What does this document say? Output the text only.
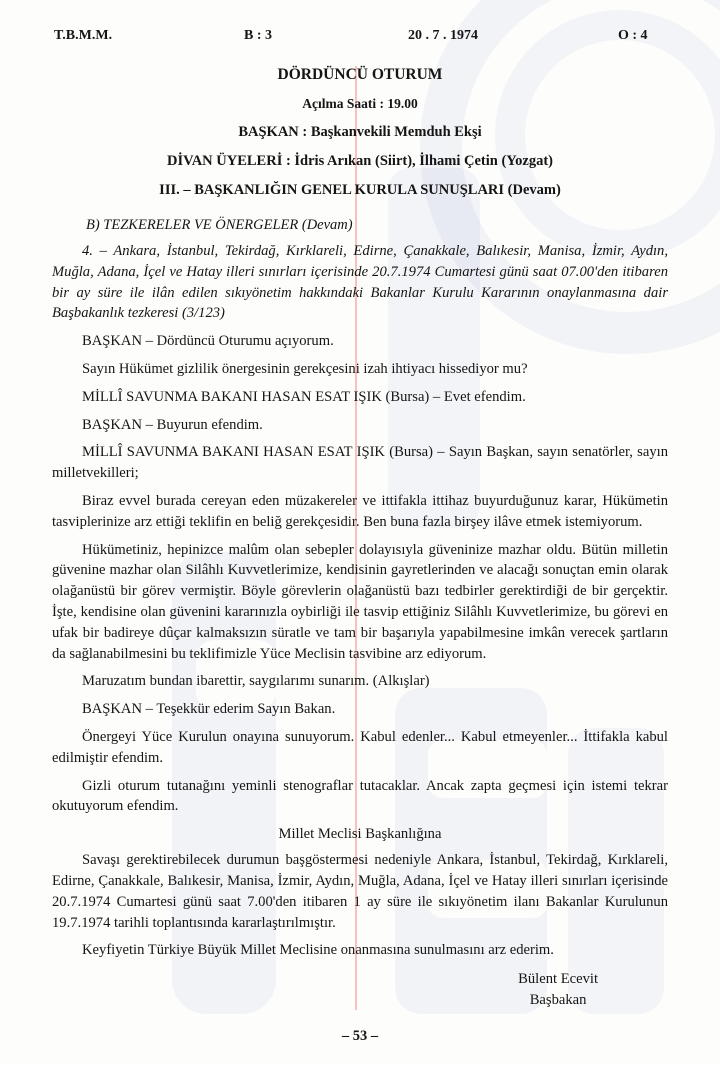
T.B.M.M.	B : 3	20 . 7 . 1974	O : 4
DÖRDÜNCÜ OTURUM
Açılma Saati : 19.00
BAŞKAN : Başkanvekili Memduh Ekşi
DİVAN ÜYELERİ : İdris Arıkan (Siirt), İlhami Çetin (Yozgat)
III. – BAŞKANLIĞIN GENEL KURULA SUNUŞLARI (Devam)
B) TEZKERELER VE ÖNERGELER (Devam)

4. – Ankara, İstanbul, Tekirdağ, Kırklareli, Edirne, Çanakkale, Balıkesir, Manisa, İzmir, Aydın, Muğla, Adana, İçel ve Hatay illeri sınırları içerisinde 20.7.1974 Cumartesi günü saat 07.00'den itibaren bir ay süre ile ilân edilen sıkıyönetim hakkındaki Bakanlar Kurulu Kararının onaylanmasına dair Başbakanlık tezkeresi (3/123)

BAŞKAN – Dördüncü Oturumu açıyorum.

Sayın Hükümet gizlilik önergesinin gerekçesini izah ihtiyacı hissediyor mu?

MİLLÎ SAVUNMA BAKANI HASAN ESAT IŞIK (Bursa) – Evet efendim.

BAŞKAN – Buyurun efendim.

MİLLÎ SAVUNMA BAKANI HASAN ESAT IŞIK (Bursa) – Sayın Başkan, sayın senatörler, sayın milletvekilleri;

Biraz evvel burada cereyan eden müzakereler ve ittifakla ittihaz buyurduğunuz karar, Hükümetin tasviplerinize arz ettiği teklifin en beliğ gerekçesidir. Ben buna fazla birşey ilâve etmek istemiyorum.

Hükümetiniz, hepinizce malûm olan sebepler dolayısıyla güveninize mazhar oldu. Bütün milletin güvenine mazhar olan Silâhlı Kuvvetlerimize, kendisinin gayretlerinden ve alacağı sonuçtan emin olarak olağanüstü bir görev vermiştir. Böyle görevlerin olağanüstü bazı tedbirler gerektirdiği de bir gerçektir. İşte, kendisine olan güvenini kararınızla oybirliği ile tasvip ettiğiniz Silâhlı Kuvvetlerimize, bu görevi en ufak bir badireye dûçar kalmaksızın süratle ve tam bir başarıyla yapabilmesine imkân verecek şartların da sağlanabilmesini bu teklifimizle Yüce Meclisin tasvibine arz ediyorum.

Maruzatım bundan ibarettir, saygılarımı sunarım. (Alkışlar)

BAŞKAN – Teşekkür ederim Sayın Bakan.

Önergeyi Yüce Kurulun onayına sunuyorum. Kabul edenler... Kabul etmeyenler... İttifakla kabul edilmiştir efendim.

Gizli oturum tutanağını yeminli stenograflar tutacaklar. Ancak zapta geçmesi için istemi tekrar okutuyorum efendim.

Millet Meclisi Başkanlığına

Savaşı gerektirebilecek durumun başgöstermesi nedeniyle Ankara, İstanbul, Tekirdağ, Kırklareli, Edirne, Çanakkale, Balıkesir, Manisa, İzmir, Aydın, Muğla, Adana, İçel ve Hatay illeri sınırları içerisinde 20.7.1974 Cumartesi günü saat 7.00'den itibaren 1 ay süre ile sıkıyönetim ilanı Bakanlar Kurulunun 19.7.1974 tarihli toplantısında kararlaştırılmıştır.

Keyfiyetin Türkiye Büyük Millet Meclisine onanmasına sunulmasını arz ederim.

Bülent Ecevit
Başbakan
– 53 –
